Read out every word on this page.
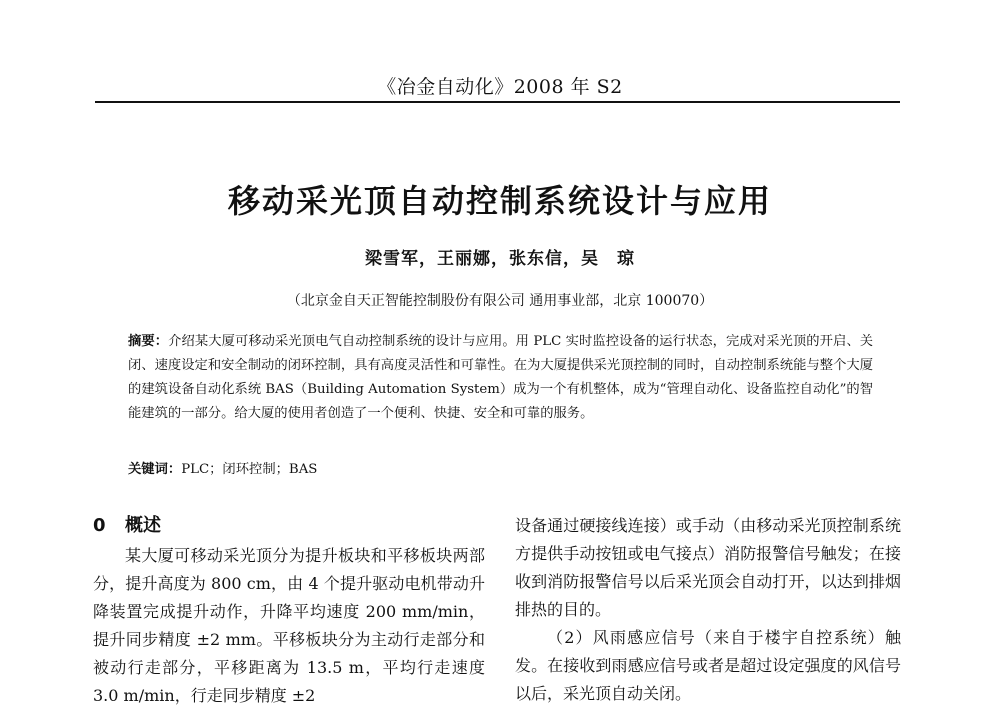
《冶金自动化》2008 年 S2
移动采光顶自动控制系统设计与应用
梁雪军，王丽娜，张东信，吴　琼
（北京金自天正智能控制股份有限公司 通用事业部，北京 100070）
摘要：介绍某大厦可移动采光顶电气自动控制系统的设计与应用。用 PLC 实时监控设备的运行状态，完成对采光顶的开启、关闭、速度设定和安全制动的闭环控制，具有高度灵活性和可靠性。在为大厦提供采光顶控制的同时，自动控制系统能与整个大厦的建筑设备自动化系统 BAS（Building Automation System）成为一个有机整体，成为“管理自动化、设备监控自动化”的智能建筑的一部分。给大厦的使用者创造了一个便利、快捷、安全和可靠的服务。
关键词：PLC；闭环控制；BAS
0 概述

某大厦可移动采光顶分为提升板块和平移板块两部分，提升高度为 800 cm，由 4 个提升驱动电机带动升降装置完成提升动作，升降平均速度 200 mm/min，提升同步精度 ±2 mm。平移板块分为主动行走部分和被动行走部分，平移距离为 13.5 m，平均行走速度 3.0 m/min，行走同步精度 ±2

设备通过硬接线连接）或手动（由移动采光顶控制系统方提供手动按钮或电气接点）消防报警信号触发；在接收到消防报警信号以后采光顶会自动打开，以达到排烟排热的目的。

（2）风雨感应信号（来自于楼宇自控系统）触发。在接收到雨感应信号或者是超过设定强度的风信号以后，采光顶自动关闭。
